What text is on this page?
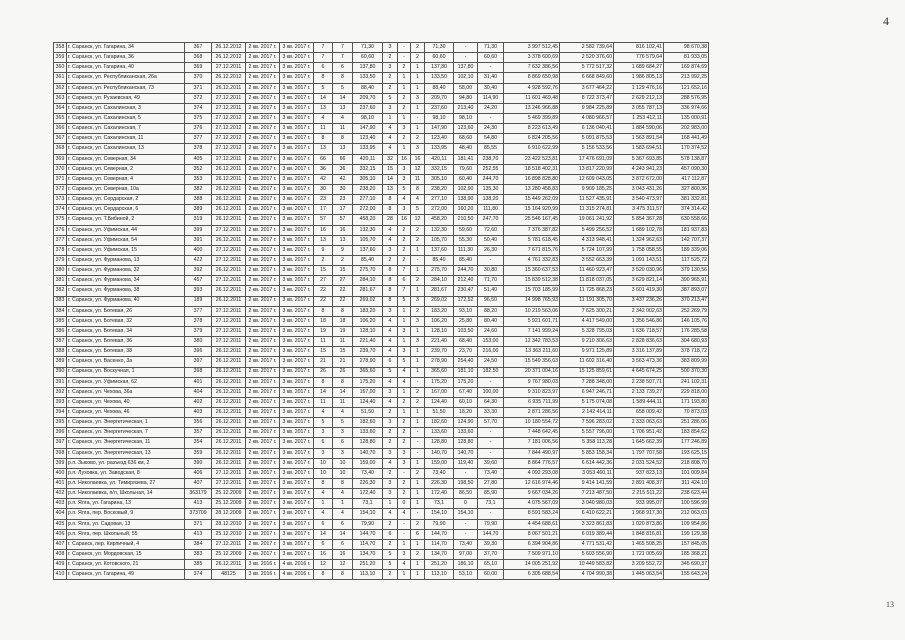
4
358	г. Саранск, ул. Гагарина, 34	367	26.12.2012	2 кв. 2017 г.	3 кв. 2017 г.	7	7	71,30	3	-	2	71,30	-	71,30	3 997 512,45	2 582 739,64	816 102,41	98 670,38
359	г. Саранск, ул. Гагарина, 36	368	26.12.2012	2 кв. 2017 г.	3 кв. 2017 г.	7	7	60,60	2	-	2	60,60	-	60,60	3 378 600,69	2 520 376,60	776 579,64	81 933,05
360	г. Саранск, ул. Гагарина, 40	369	27.12.2011	2 кв. 2017 г.	3 кв. 2017 г.	6	6	137,80	3	2	1	137,80	137,80	-	7 632 386,56	5 772 517,32	1 689 684,27	169 874,69
361	г. Саранск, ул. Республиканская, 26а	370	26.12.2012	2 кв. 2017 г.	3 кв. 2017 г.	8	8	133,50	2	1	1	133,50	102,10	31,40	8 869 650,98	6 668 849,60	1 986 805,13	213 992,25
362	г. Саранск, ул. Республиканская, 73	371	26.12.2011	2 кв. 2017 г.	3 кв. 2017 г.	5	5	88,40	2	1	1	88,40	58,00	30,40	4 928 592,76	3 677 464,22	1 129 476,16	121 652,16
363	г. Саранск, ул. Рузаевская, 49	372	27.12.2011	2 кв. 2017 г.	3 кв. 2017 г.	14	14	209,70	5	2	3	209,70	94,80	114,90	11 601 469,48	8 722 373,47	2 629 212,13	288 576,95
364	г. Саранск, ул. Сахалинская, 3	374	27.12.2011	2 кв. 2017 г.	3 кв. 2017 г.	13	13	237,60	3	2	1	237,60	213,40	24,20	13 246 966,88	9 984 225,89	3 055 787,13	336 974,66
365	г. Саранск, ул. Сахалинская, 5	375	27.12.2012	2 кв. 2017 г.	3 кв. 2017 г.	4	4	98,10	1	1	-	98,10	98,10	-	5 469 399,89	4 080 966,57	1 253 412,11	135 000,91
366	г. Саранск, ул. Сахалинская, 7	376	27.12.2012	2 кв. 2017 г.	3 кв. 2017 г.	11	11	147,90	4	3	1	147,90	123,60	24,30	8 223 613,49	6 136 040,41	1 884 590,06	202 983,00
367	г. Саранск, ул. Сахалинская, 11	377	27.12.2012	2 кв. 2017 г.	3 кв. 2017 г.	8	8	123,40	4	2	2	123,40	68,60	54,80	6 824 205,56	5 091 875,53	1 563 891,54	168 441,49
368	г. Саранск, ул. Сахалинская, 13	378	27.12.2012	2 кв. 2017 г.	3 кв. 2017 г.	13	13	133,95	4	1	3	133,95	48,40	85,55	6 910 622,99	5 156 533,56	1 583 694,51	170 374,52
369	г. Саранск, ул. Северная, 34	405	27.12.2011	2 кв. 2017 г.	3 кв. 2017 г.	66	66	420,11	32	16	16	420,11	181,41	238,70	23 422 523,81	17 476 691,09	5 367 693,85	578 138,87
370	г. Саранск, ул. Северная, 2	352	26.12.2011	2 кв. 2017 г.	3 кв. 2017 г.	36	36	332,15	15	3	12	332,15	79,60	252,55	18 518 402,31	13 817 220,99	4 243 941,23	457 090,30
371	г. Саранск, ул. Северная, 4	353	26.12.2011	2 кв. 2017 г.	3 кв. 2017 г.	42	42	305,10	14	3	11	305,10	60,40	244,70	16 898 828,80	12 609 043,05	3 872 672,00	417 112,87
372	г. Саранск, ул. Северная, 10а	382	26.12.2011	2 кв. 2017 г.	3 кв. 2017 г.	30	30	238,20	13	5	8	238,20	102,90	135,30	13 280 458,83	9 909 185,25	3 043 431,26	327 800,36
373	г. Саранск, ул. Сердарская, 2	388	26.12.2011	2 кв. 2017 г.	3 кв. 2017 г.	23	23	277,10	8	4	4	277,10	138,90	138,20	15 449 262,09	11 527 435,91	3 540 473,97	381 332,81
374	г. Саранск, ул. Сердарская, 6	389	26.12.2011	2 кв. 2017 г.	3 кв. 2017 г.	17	17	272,00	8	3	5	272,00	160,20	111,80	15 164 920,99	11 315 274,81	3 475 311,57	374 314,42
375	г. Саранск, ул. Т.Бибиной, 2	319	26.12.2011	2 кв. 2017 г.	3 кв. 2017 г.	57	57	458,20	28	16	12	458,20	210,50	247,70	25 546 167,45	19 061 241,92	5 854 367,28	630 558,66
376	г. Саранск, ул. Уфимская, 44	399	27.12.2011	2 кв. 2017 г.	3 кв. 2017 г.	16	16	132,30	4	2	2	132,30	59,60	72,60	7 376 387,82	5 499 256,52	1 689 102,78	181 937,83
377	г. Саранск, ул. Уфимская, 54	391	26.12.2011	2 кв. 2017 г.	3 кв. 2017 г.	13	13	105,70	4	2	2	105,70	55,30	50,40	5 781 618,45	4 313 948,41	1 324 962,63	142 707,37
378	г. Саранск, ул. Уфимская, 15	400	27.12.2011	2 кв. 2017 г.	3 кв. 2017 г.	9	9	137,60	3	2	1	137,60	111,30	26,30	7 671 815,76	5 724 107,99	1 758 058,55	189 339,06
379	г. Саранск, ул. Фурманова, 13	422	27.12.2011	2 кв. 2017 г.	3 кв. 2017 г.	2	2	85,40	2	2	-	85,40	85,40	-	4 761 332,83	3 552 663,39	1 091 143,51	117 525,72
380	г. Саранск, ул. Фурманова, 32	392	26.12.2011	2 кв. 2017 г.	3 кв. 2017 г.	15	15	275,70	8	7	1	275,70	244,70	30,80	15 360 637,53	11 460 923,47	3 520 030,96	379 130,56
381	г. Саранск, ул. Фурманова, 34	457	27.12.2011	2 кв. 2017 г.	3 кв. 2017 г.	27	27	284,10	8	6	2	284,10	212,40	71,70	15 839 512,38	11 818 037,05	3 629 821,14	390 965,91
382	г. Саранск, ул. Фурманова, 38	393	26.12.2011	2 кв. 2017 г.	3 кв. 2017 г.	22	22	281,67	8	7	1	281,67	230,47	51,40	15 703 185,99	11 725 868,23	3 601 419,30	387 893,07
383	г. Саранск, ул. Фурманова, 40	189	26.12.2011	2 кв. 2017 г.	3 кв. 2017 г.	22	22	269,02	8	5	3	269,02	172,52	96,50	14 998 765,93	11 191 305,70	3 437 236,26	370 213,47
384	г. Саранск, ул. Ботевая, 26	377	27.12.2011	2 кв. 2017 г.	3 кв. 2017 г.	8	8	183,20	3	1	2	183,20	93,10	88,20	10 219 563,06	7 625 300,21	2 342 002,63	252 269,79
385	г. Саранск, ул. Ботевая, 32	378	27.12.2011	2 кв. 2017 г.	3 кв. 2017 г.	18	18	106,20	4	1	3	106,20	25,80	80,40	5 921 601,71	4 417 549,00	1 356 546,86	146 105,76
386	г. Саранск, ул. Ботевая, 34	379	27.12.2011	2 кв. 2017 г.	3 кв. 2017 г.	19	19	128,10	4	3	1	128,10	103,50	24,60	7 141 999,24	5 328 795,03	1 636 718,57	176 285,58
387	г. Саранск, ул. Ботевая, 36	380	27.12.2011	2 кв. 2017 г.	3 кв. 2017 г.	11	11	221,40	4	1	3	221,40	68,40	153,00	12 342 783,53	9 210 306,63	2 828 836,63	304 680,93
388	г. Саранск, ул. Ботевая, 38	396	26.12.2011	2 кв. 2017 г.	3 кв. 2017 г.	15	15	239,70	4	3	1	239,70	23,70	216,00	13 363 211,60	9 971 125,89	3 316 137,89	378 718,72
389	г. Саранск, ул. Васенко, 3а	397	26.12.2011	2 кв. 2017 г.	3 кв. 2017 г.	21	21	278,90	6	5	1	278,90	254,40	24,50	15 549 356,63	11 602 316,40	3 563 473,36	383 809,99
390	г. Саранск, ул. Воскучная, 1	398	26.12.2011	2 кв. 2017 г.	3 кв. 2017 г.	26	26	365,60	5	4	1	365,60	181,10	182,50	20 371 004,16	15 125 859,61	4 645 674,25	500 370,30
391	г. Саранск, ул. Уфимская, 62	401	26.12.2011	2 кв. 2017 г.	3 кв. 2017 г.	8	8	175,20	4	4	-	175,20	175,20	-	9 767 980,03	7 288 348,00	2 238 507,71	241 102,31
392	г. Саранск, ул. Чехова, 36а	404	26.12.2011	2 кв. 2017 г.	3 кв. 2017 г.	14	14	167,00	3	1	2	167,00	67,40	100,00	9 310 823,97	6 947 246,71	2 133 739,27	229 818,00
393	г. Саранск, ул. Чехова, 40	402	26.12.2011	2 кв. 2017 г.	3 кв. 2017 г.	11	11	124,40	4	2	2	124,40	60,10	64,30	6 935 711,99	5 175 074,08	1 589 444,11	171 193,80
394	г. Саранск, ул. Чехова, 46	403	26.12.2011	2 кв. 2017 г.	3 кв. 2017 г.	4	4	51,50	2	1	1	51,50	18,20	33,30	2 871 286,56	2 142 414,11	658 009,42	70 873,03
395	г. Саранск, ул. Энергетическая, 1	356	26.12.2011	2 кв. 2017 г.	3 кв. 2017 г.	5	5	182,60	3	2	1	182,60	124,90	57,70	10 180 554,72	7 596 283,02	2 333 063,63	251 286,06
396	г. Саранск, ул. Энергетическая, 7	357	26.12.2011	2 кв. 2017 г.	3 кв. 2017 г.	3	3	133,60	2	2	-	133,60	133,60	-	7 448 642,45	5 557 796,00	1 706 951,42	183 854,62
397	г. Саранск, ул. Энергетическая, 11	354	26.12.2011	2 кв. 2017 г.	3 кв. 2017 г.	6	6	128,80	2	2	-	128,80	128,80	-	7 181 006,56	5 358 113,28	1 645 662,39	177 246,89
398	г. Саранск, ул. Энергетическая, 13	359	26.12.2011	2 кв. 2017 г.	3 кв. 2017 г.	3	3	140,70	3	3	-	140,70	140,70	-	7 844 490,97	5 853 158,34	1 797 707,58	193 625,15
399	р.п. Зыково, ул. разъезд 636 км, 2	390	26.12.2011	2 кв. 2017 г.	3 кв. 2017 г.	10	10	159,00	4	3	1	159,00	119,40	39,60	8 864 776,57	6 614 442,36	2 031 524,52	218 808,70
400	р.п. Луховка, ул. Заводская, 8	406	27.12.2011	2 кв. 2017 г.	3 кв. 2017 г.	10	10	73,40	2	-	2	73,40	-	73,40	4 092 293,08	3 053 460,11	937 823,13	101 009,84
401	р.п. Николаевка, ул. Тимирязева, 27	407	27.12.2011	2 кв. 2017 г.	3 кв. 2017 г.	8	8	226,30	3	2	1	226,30	198,50	27,80	12 616 974,46	9 414 141,59	2 891 408,37	311 424,10
402	р.п. Николаевка, п/л, Школьная, 14	363179	25.12.2009	2 кв. 2017 г.	3 кв. 2017 г.	4	4	172,40	3	2	1	172,40	86,50	85,90	9 667 034,26	7 213 487,50	2 215 511,22	238 623,44
403	р.п. Ялга, ул. Гагарина, 13	413	25.12.2009	2 кв. 2017 г.	3 кв. 2017 г.	1	1	73,1	1	0	1	73,1	0	73,1	4 075 567,09	3 040 980,03	933 995,07	100 596,99
404	р.п. Ялга, пер. Восковый, 9	373709	28.12.2009	2 кв. 2017 г.	3 кв. 2017 г.	4	4	154,10	4	4	-	154,10	154,10	-	8 591 583,24	6 410 622,21	1 968 917,30	212 063,03
405	р.п. Ялга, ул. Садовая, 13	371	28.12.2010	2 кв. 2017 г.	3 кв. 2017 г.	6	6	79,90	2	-	2	79,90	-	79,90	4 454 688,61	3 323 861,83	1 020 873,86	109 954,86
406	р.п. Ялга, пер. Школьный, 55	413	25.12.2010	2 кв. 2017 г.	3 кв. 2017 г.	14	14	144,70	6	-	6	144,70	-	144,70	8 067 501,21	6 019 389,44	1 848 816,81	199 129,38
407	г. Саранск, пер. Кирпичный, 4	384	27.12.2011	2 кв. 2017 г.	3 кв. 2017 г.	6	6	114,70	2	1	1	114,70	73,40	39,30	6 394 904,86	4 771 531,42	1 465 508,25	157 845,05
408	г. Саранск, ул. Мордовская, 15	383	25.12.2009	2 кв. 2017 г.	3 кв. 2017 г.	16	16	134,70	5	3	2	134,70	97,00	37,70	7 509 971,10	5 603 556,90	1 721 005,69	185 368,21
409	г. Саранск, ул. Котовского, 21	385	26.12.2011	3 кв. 2016 г.	4 кв. 2016 г.	12	12	251,20	5	4	1	251,20	186,10	65,10	14 005 251,92	10 449 583,82	3 209 552,72	345 690,37
410	г. Саранск, ул. Гагарина, 49	374	48125	3 кв. 2016 г.	4 кв. 2016 г.	8	8	113,10	2	1	1	113,10	53,10	60,00	6 305 688,54	4 704 990,38	1 445 063,54	155 643,24
13
